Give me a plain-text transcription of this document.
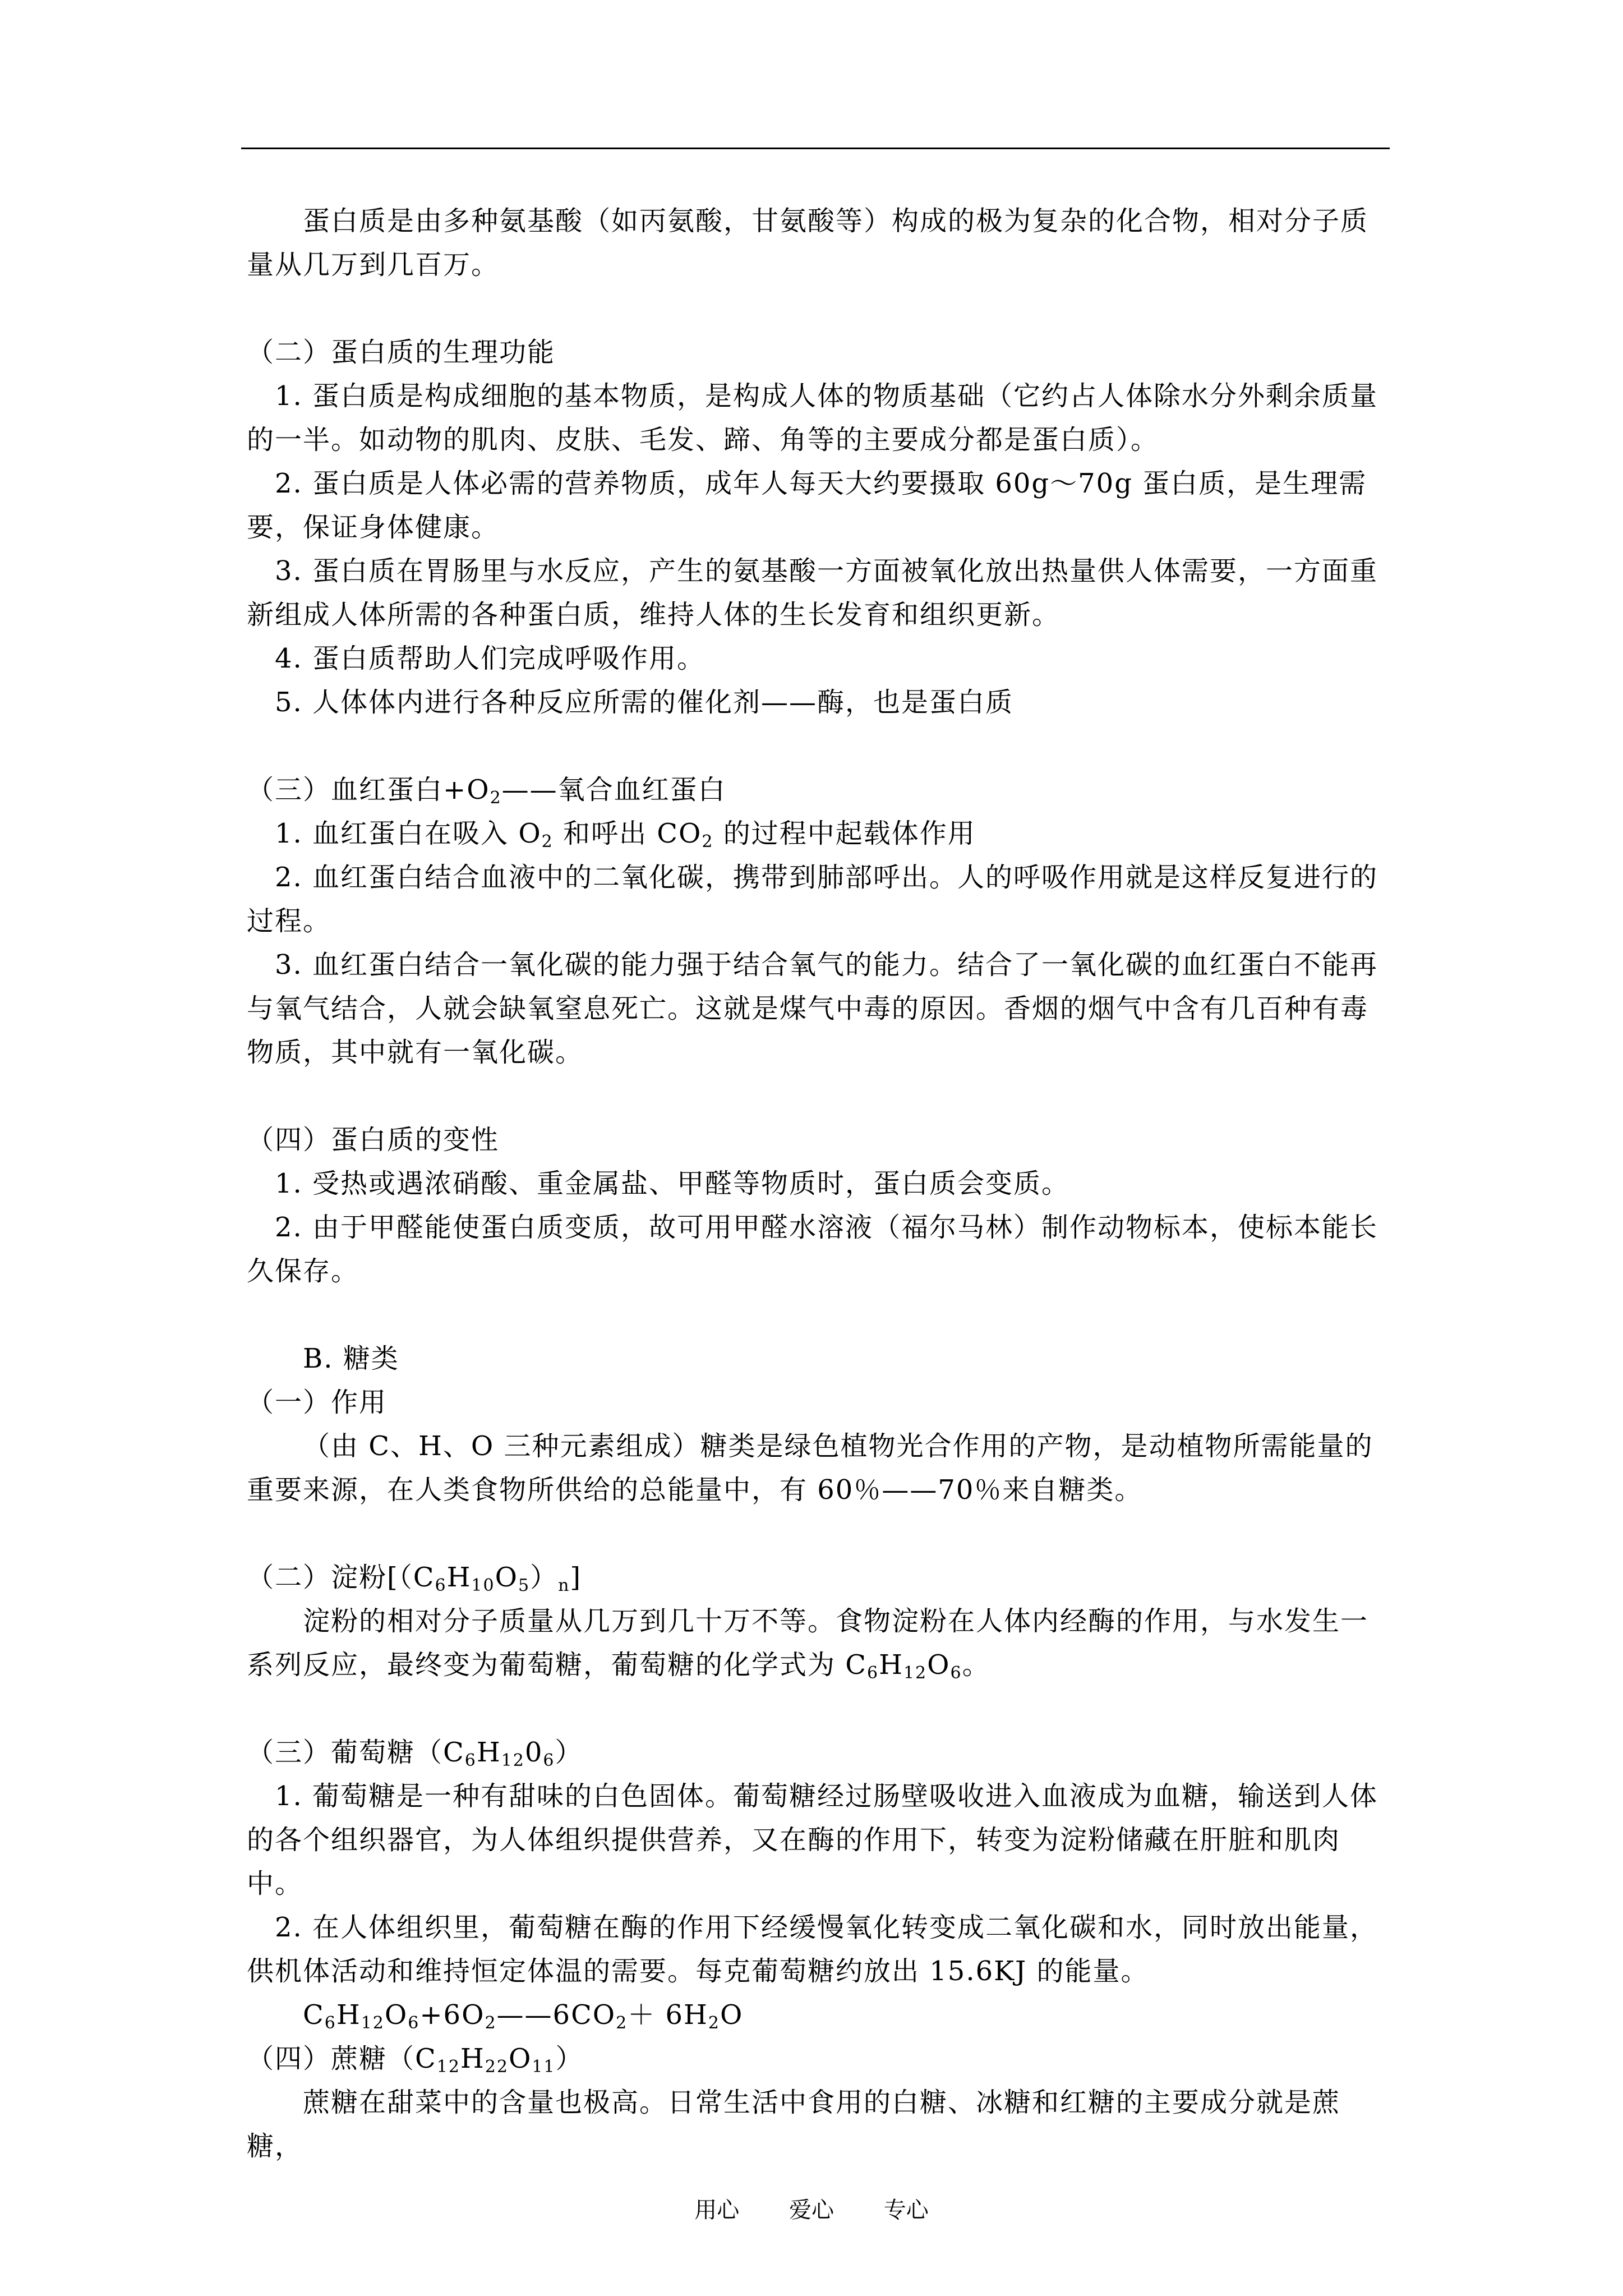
蛋白质是由多种氨基酸（如丙氨酸，甘氨酸等）构成的极为复杂的化合物，相对分子质量从几万到几百万。
（二）蛋白质的生理功能
1. 蛋白质是构成细胞的基本物质，是构成人体的物质基础（它约占人体除水分外剩余质量的一半。如动物的肌肉、皮肤、毛发、蹄、角等的主要成分都是蛋白质）。
2. 蛋白质是人体必需的营养物质，成年人每天大约要摄取 60g～70g 蛋白质，是生理需要，保证身体健康。
3. 蛋白质在胃肠里与水反应，产生的氨基酸一方面被氧化放出热量供人体需要，一方面重新组成人体所需的各种蛋白质，维持人体的生长发育和组织更新。
4. 蛋白质帮助人们完成呼吸作用。
5. 人体体内进行各种反应所需的催化剂——酶，也是蛋白质
（三）血红蛋白$+O_2——$氧合血红蛋白
1. 血红蛋白在吸入 $O_2$ 和呼出 $CO_2$ 的过程中起载体作用
2. 血红蛋白结合血液中的二氧化碳，携带到肺部呼出。人的呼吸作用就是这样反复进行的过程。
3. 血红蛋白结合一氧化碳的能力强于结合氧气的能力。结合了一氧化碳的血红蛋白不能再与氧气结合，人就会缺氧窒息死亡。这就是煤气中毒的原因。香烟的烟气中含有几百种有毒物质，其中就有一氧化碳。
（四）蛋白质的变性
1. 受热或遇浓硝酸、重金属盐、甲醛等物质时，蛋白质会变质。
2. 由于甲醛能使蛋白质变质，故可用甲醛水溶液（福尔马林）制作动物标本，使标本能长久保存。
B. 糖类
（一）作用
（由 C、H、O 三种元素组成）糖类是绿色植物光合作用的产物，是动植物所需能量的重要来源，在人类食物所供给的总能量中，有 60％——70％来自糖类。
（二）淀粉$[(C_6H_{10}O_5)_n]$
淀粉的相对分子质量从几万到几十万不等。食物淀粉在人体内经酶的作用，与水发生一系列反应，最终变为葡萄糖，葡萄糖的化学式为 $C_6H_{12}O_6$。
（三）葡萄糖$(C_6H_{12}0_6)$
1. 葡萄糖是一种有甜味的白色固体。葡萄糖经过肠壁吸收进入血液成为血糖，输送到人体的各个组织器官，为人体组织提供营养，又在酶的作用下，转变为淀粉储藏在肝脏和肌肉中。
2. 在人体组织里，葡萄糖在酶的作用下经缓慢氧化转变成二氧化碳和水，同时放出能量，供机体活动和维持恒定体温的需要。每克葡萄糖约放出 15.6KJ 的能量。
$C_6H_{12}O_6+6O_2——6CO_2+ 6H_2O$
（四）蔗糖$(C_{12}H_{22}O_{11})$
蔗糖在甜菜中的含量也极高。日常生活中食用的白糖、冰糖和红糖的主要成分就是蔗糖，
用心 爱心 专心
